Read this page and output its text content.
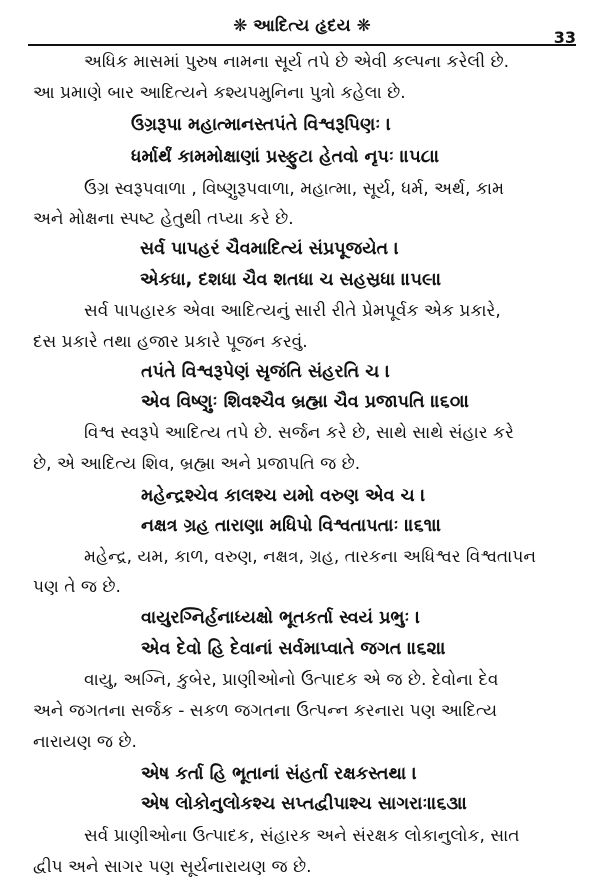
❋ આદિત્ય હૃદય ❋
33
અધિક માસમાં પુરુષ નામના સૂર્ય તપે છે એવી કલ્પના કરેલી છે.
આ પ્રમાણે બાર આદિત્યને કશ્યપમુનિના પુત્રો કહેલા છે.
ઉગ્રરૂપા મહાત્માનસ્તપંતે વિશ્વરૂપિણઃ ।
ધર્માર્થં કામમોક્ષાણાં પ્રસ્ફુટા હેતવો નૃપઃ ॥૫૮॥
ઉગ્ર સ્વરૂપવાળા , વિષ્ણુરૂપવાળા, મહાત્મા, સૂર્ય, ધર્મ, અર્થ, કામ
અને મોક્ષના સ્પષ્ટ હેતુથી તપ્યા કરે છે.
સર્વ પાપહરં ચૈવમાદિત્યં સંપ્રપૂજયેત ।
એકધા, દશધા ચૈવ શતધા ચ સહસ્રધા ॥૫૯॥
સર્વ પાપહારક એવા આદિત્યનું સારી રીતે પ્રેમપૂર્વક એક પ્રકારે,
દસ પ્રકારે તથા હજાર પ્રકારે પૂજન કરવું.
તપંતે વિશ્વરૂપેણં સૃજંતિ સંહરતિ ચ ।
એવ વિષ્ણુઃ શિવશ્ચૈવ બ્રહ્મા ચૈવ પ્રજાપતિ ॥૬૦॥
વિશ્વ સ્વરૂપે આદિત્ય તપે છે. સર્જન કરે છે, સાથે સાથે સંહાર કરે
છે, એ આદિત્ય શિવ, બ્રહ્મા અને પ્રજાપતિ જ છે.
મહેન્દ્રશ્ચેવ કાલશ્ચ યમો વરુણ એવ ચ ।
નક્ષત્ર ગ્રહ તારાણા મધિપો વિશ્વતાપતાઃ ॥૬૧॥
મહેન્દ્ર, યમ, કાળ, વરુણ, નક્ષત્ર, ગ્રહ, તારકના અધિશ્વર વિશ્વતાપન
પણ તે જ છે.
વાયુરગ્નિર્હનાધ્યક્ષો ભૂતકર્તા સ્વયં પ્રભુઃ ।
એવ દેવો હિ દેવાનાં સર્વમાપ્વાતે જગત ॥૬૨॥
વાયુ, અગ્નિ, કુબેર, પ્રાણીઓનો ઉત્પાદક એ જ છે. દેવોના દેવ
અને જગતના સર્જક - સકળ જગતના ઉત્પન્ન કરનારા પણ આદિત્ય
નારાયણ જ છે.
એષ કર્તા હિ ભૂતાનાં સંહર્તા રક્ષકસ્તથા ।
એષ લોકોનુલોકશ્ચ સપ્તદ્વીપાશ્ચ સાગરાઃ॥૬૩॥
સર્વ પ્રાણીઓના ઉત્પાદક, સંહારક અને સંરક્ષક લોકાનુલોક, સાત
દ્વીપ અને સાગર પણ સૂર્યનારાયણ જ છે.
